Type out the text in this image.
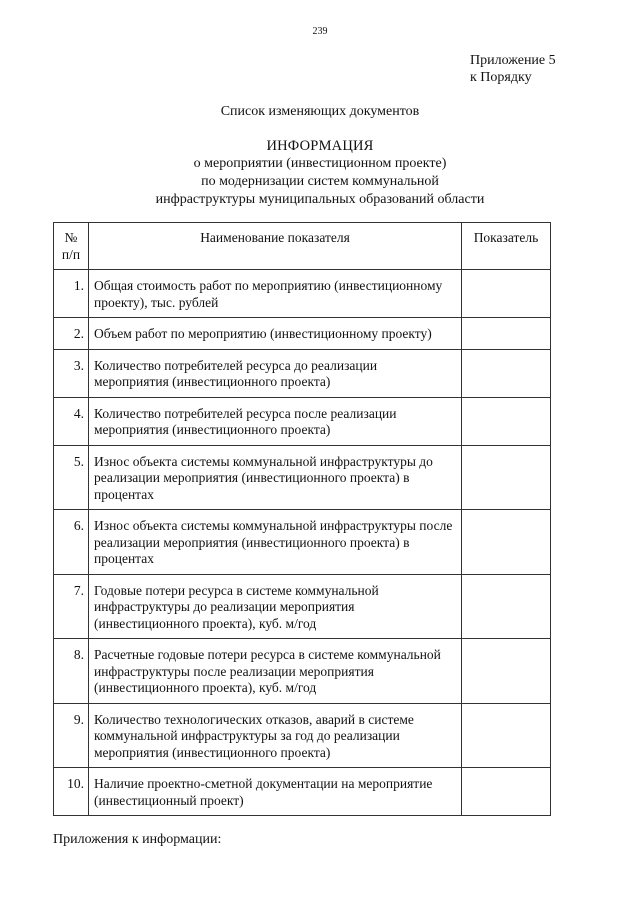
239
Приложение 5
к Порядку
Список изменяющих документов
ИНФОРМАЦИЯ
о мероприятии (инвестиционном проекте)
по модернизации систем коммунальной
инфраструктуры муниципальных образований области
№
п/п	Наименование показателя	Показатель
1.	Общая стоимость работ по мероприятию (инвестиционному проекту), тыс. рублей	
2.	Объем работ по мероприятию (инвестиционному проекту)	
3.	Количество потребителей ресурса до реализации мероприятия (инвестиционного проекта)	
4.	Количество потребителей ресурса после реализации мероприятия (инвестиционного проекта)	
5.	Износ объекта системы коммунальной инфраструктуры до реализации мероприятия (инвестиционного проекта) в процентах	
6.	Износ объекта системы коммунальной инфраструктуры после реализации мероприятия (инвестиционного проекта) в процентах	
7.	Годовые потери ресурса в системе коммунальной инфраструктуры до реализации мероприятия (инвестиционного проекта), куб. м/год	
8.	Расчетные годовые потери ресурса в системе коммунальной инфраструктуры после реализации мероприятия (инвестиционного проекта), куб. м/год	
9.	Количество технологических отказов, аварий в системе коммунальной инфраструктуры за год до реализации мероприятия (инвестиционного проекта)	
10.	Наличие проектно-сметной документации на мероприятие (инвестиционный проект)	
Приложения к информации:
